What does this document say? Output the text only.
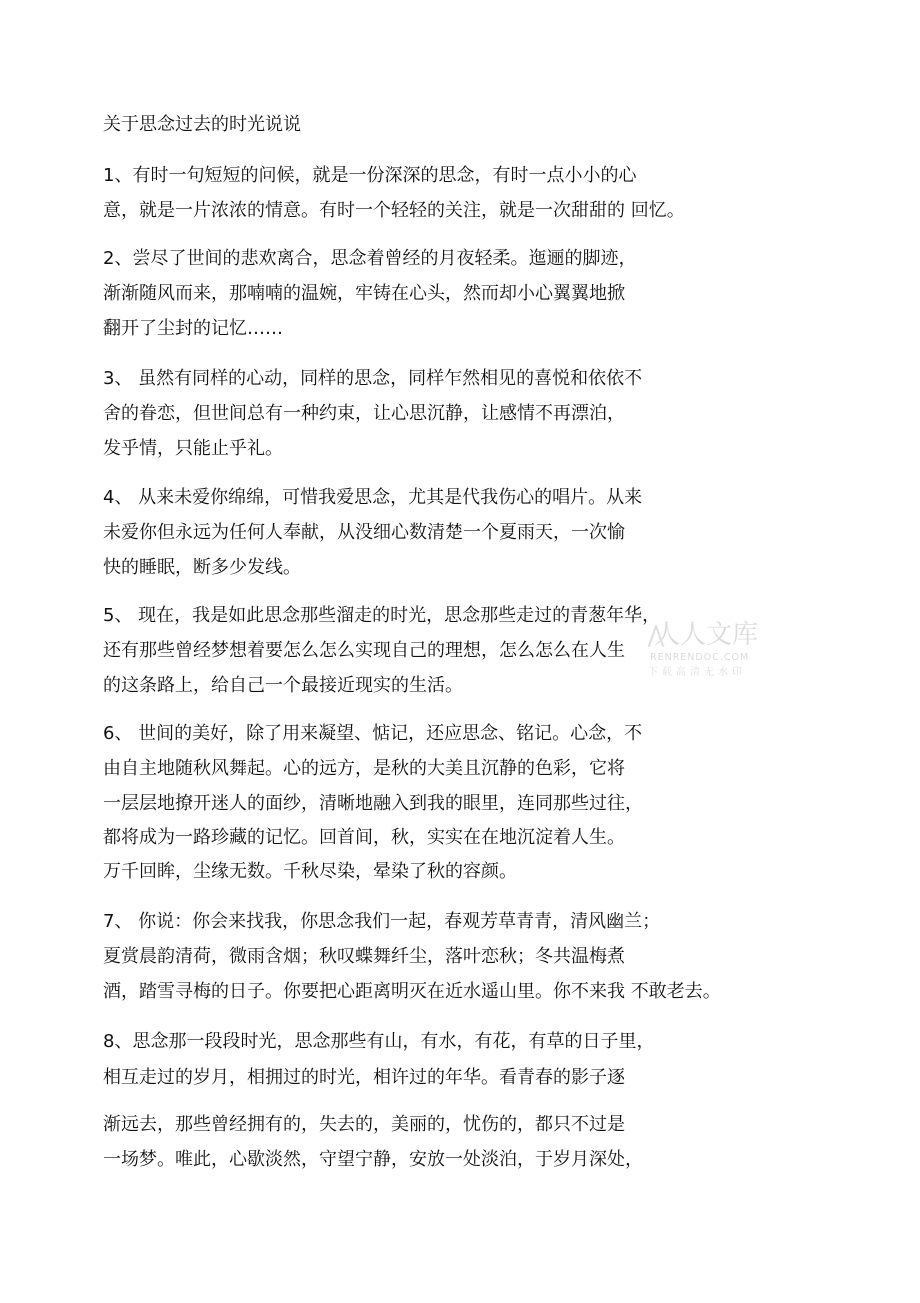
关于思念过去的时光说说
1、有时一句短短的问候，就是一份深深的思念，有时一点小小的心
意，就是一片浓浓的情意。有时一个轻轻的关注，就是一次甜甜的 回忆。
2、尝尽了世间的悲欢离合，思念着曾经的月夜轻柔。迤逦的脚迹，
渐渐随风而来，那喃喃的温婉，牢铸在心头，然而却小心翼翼地掀
翻开了尘封的记忆……
3、 虽然有同样的心动，同样的思念，同样乍然相见的喜悦和依依不
舍的眷恋，但世间总有一种约束，让心思沉静，让感情不再漂泊，
发乎情，只能止乎礼。
4、 从来未爱你绵绵，可惜我爱思念，尤其是代我伤心的唱片。从来
未爱你但永远为任何人奉献，从没细心数清楚一个夏雨天，一次愉
快的睡眠，断多少发线。
5、 现在，我是如此思念那些溜走的时光，思念那些走过的青葱年华，
还有那些曾经梦想着要怎么怎么实现自己的理想，怎么怎么在人生
的这条路上，给自己一个最接近现实的生活。
6、 世间的美好，除了用来凝望、惦记，还应思念、铭记。心念，不
由自主地随秋风舞起。心的远方，是秋的大美且沉静的色彩，它将
一层层地撩开迷人的面纱，清晰地融入到我的眼里，连同那些过往，
都将成为一路珍藏的记忆。回首间，秋，实实在在地沉淀着人生。
万千回眸，尘缘无数。千秋尽染，晕染了秋的容颜。
7、 你说：你会来找我，你思念我们一起，春观芳草青青，清风幽兰；
夏赏晨韵清荷，微雨含烟；秋叹蝶舞纤尘，落叶恋秋；冬共温梅煮
酒，踏雪寻梅的日子。你要把心距离明灭在近水遥山里。你不来我 不敢老去。
8、思念那一段段时光，思念那些有山，有水，有花，有草的日子里，
相互走过的岁月，相拥过的时光，相许过的年华。看青春的影子逐
渐远去，那些曾经拥有的，失去的，美丽的，忧伤的，都只不过是
一场梦。唯此，心歇淡然，守望宁静，安放一处淡泊，于岁月深处，
人人文库
RENRENDOC.COM
下载高清无水印
